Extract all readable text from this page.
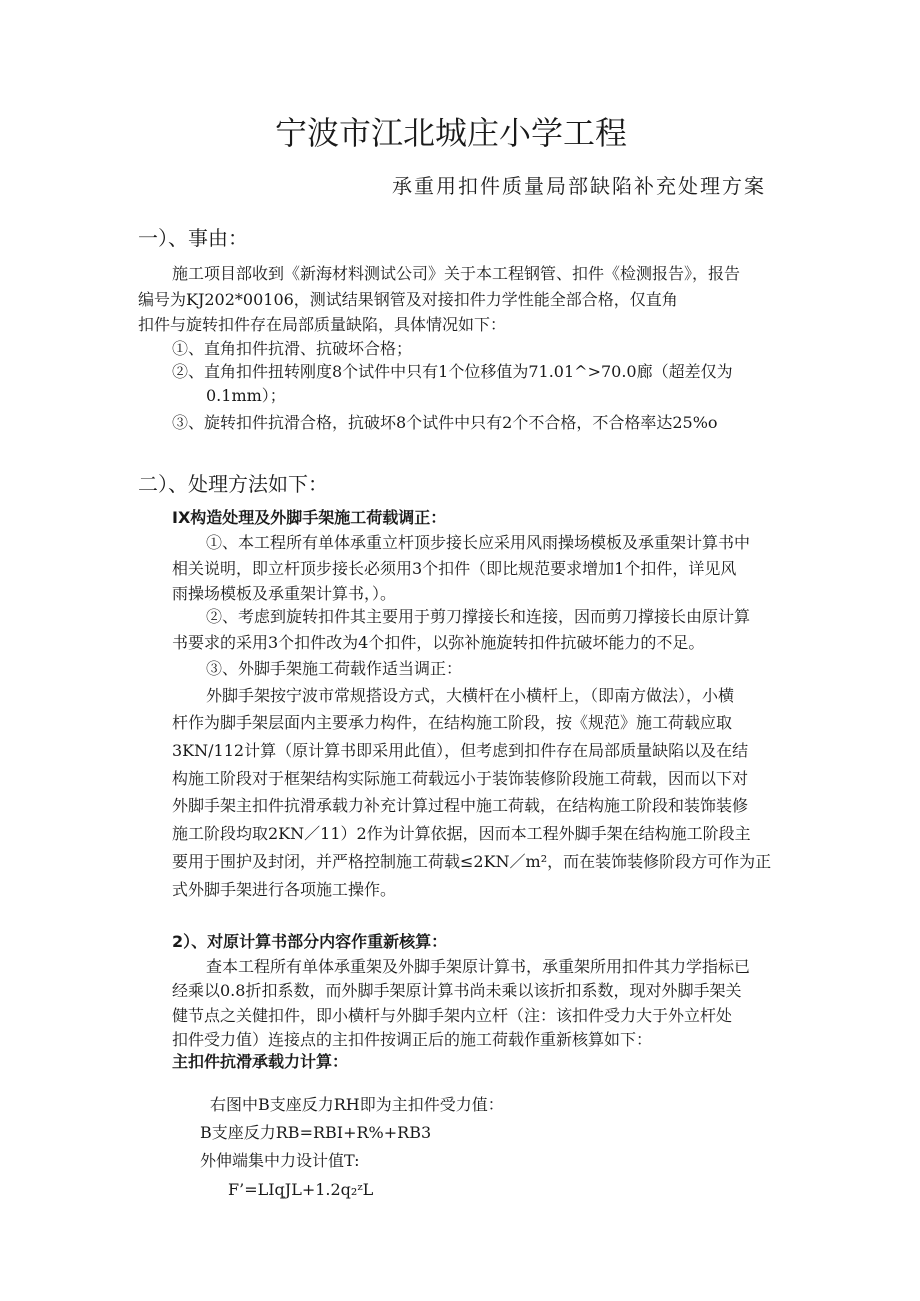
宁波市江北城庄小学工程
承重用扣件质量局部缺陷补充处理方案
一）、事由：
施工项目部收到《新海材料测试公司》关于本工程钢管、扣件《检测报告》，报告
编号为KJ202*00106，测试结果钢管及对接扣件力学性能全部合格，仅直角
扣件与旋转扣件存在局部质量缺陷，具体情况如下：
①、直角扣件抗滑、抗破坏合格；
②、直角扣件扭转刚度8个试件中只有1个位移值为71.01^>70.0廊（超差仅为
0.1mm）；
③、旋转扣件抗滑合格，抗破坏8个试件中只有2个不合格，不合格率达25%o
二）、处理方法如下：
IX构造处理及外脚手架施工荷载调正：
①、本工程所有单体承重立杆顶步接长应采用风雨操场模板及承重架计算书中
相关说明，即立杆顶步接长必须用3个扣件（即比规范要求增加1个扣件，详见风
雨操场模板及承重架计算书，）。
②、考虑到旋转扣件其主要用于剪刀撑接长和连接，因而剪刀撑接长由原计算
书要求的采用3个扣件改为4个扣件，以弥补施旋转扣件抗破坏能力的不足。
③、外脚手架施工荷载作适当调正：
外脚手架按宁波市常规搭设方式，大横杆在小横杆上，（即南方做法），小横
杆作为脚手架层面内主要承力构件，在结构施工阶段，按《规范》施工荷载应取
3KN∕112计算（原计算书即采用此值），但考虑到扣件存在局部质量缺陷以及在结
构施工阶段对于框架结构实际施工荷载远小于装饰装修阶段施工荷载，因而以下对
外脚手架主扣件抗滑承载力补充计算过程中施工荷载，在结构施工阶段和装饰装修
施工阶段均取2KN／11）2作为计算依据，因而本工程外脚手架在结构施工阶段主
要用于围护及封闭，并严格控制施工荷载≤2KN／m²，而在装饰装修阶段方可作为正
式外脚手架进行各项施工操作。
2）、对原计算书部分内容作重新核算：
查本工程所有单体承重架及外脚手架原计算书，承重架所用扣件其力学指标已
经乘以0.8折扣系数，而外脚手架原计算书尚未乘以该折扣系数，现对外脚手架关
健节点之关健扣件，即小横杆与外脚手架内立杆（注：该扣件受力大于外立杆处
扣件受力值）连接点的主扣件按调正后的施工荷载作重新核算如下：
主扣件抗滑承载力计算：
右图中B支座反力RH即为主扣件受力值：
B支座反力RB=RBI+R%+RB3
外伸端集中力设计值T:
F’=LIqJL+1.2q₂ᶻL
